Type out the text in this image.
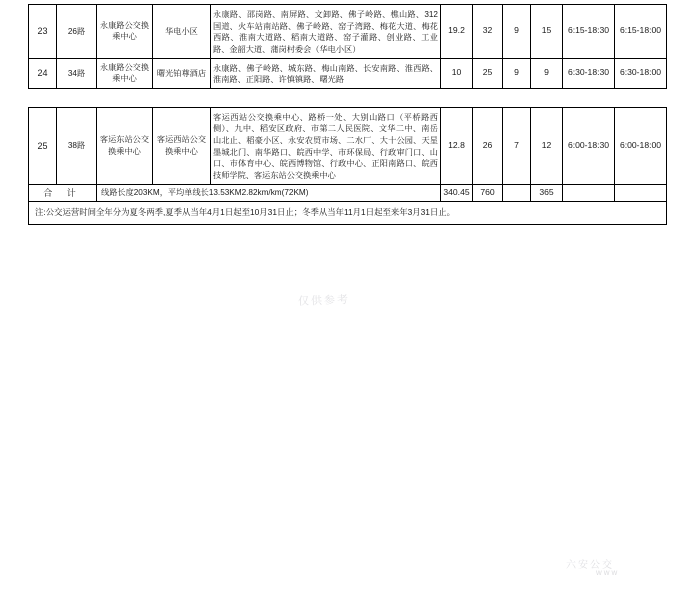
23	26路	永康路公交换乘中心	华电小区	永康路、邵岗路、南屏路、文卸路、佛子岭路、樵山路、312国道、火车站南站路、佛子岭路、窑子湾路、梅花大道、梅花西路、淮南大道路、稻南大道路、窑子灌路、创业路、工业路、金韶大道、蒲岗村委会（华电小区）	19.2	32	9	15	6:15-18:30	6:15-18:00
24	34路	永康路公交换乘中心	曙光铂尊酒店	永康路、佛子岭路、城东路、梅山南路、长安南路、淮西路、淮南路、正阳路、许慎镇路、曙光路	10	25	9	9	6:30-18:30	6:30-18:00
25	38路	客运东站公交换乘中心	客运西站公交换乘中心	客运西站公交换乘中心、路桥一处、大别山路口（平桥路西侧）、九中、稻安区政府、市第二人民医院、文华二中、南岳山北止、稻豪小区、永安农贸市场、二水厂、大十公园、天星墨城北门、南华路口、皖西中学、市环保局、行政审门口、山口、市体育中心、皖西博物馆、行政中心、正阳南路口、皖西技师学院、客运东站公交换乘中心	12.8	26	7	12	6:00-18:30	6:00-18:00
合 计		线路长度203KM，平均单线长13.53KM2.82km/km(72KM)			340.45	760		365		
注:公交运营时间全年分为夏冬两季,夏季从当年4月1日起至10月31日止；冬季从当年11月1日起至来年3月31日止。										
仅供参考
六安公交
www
